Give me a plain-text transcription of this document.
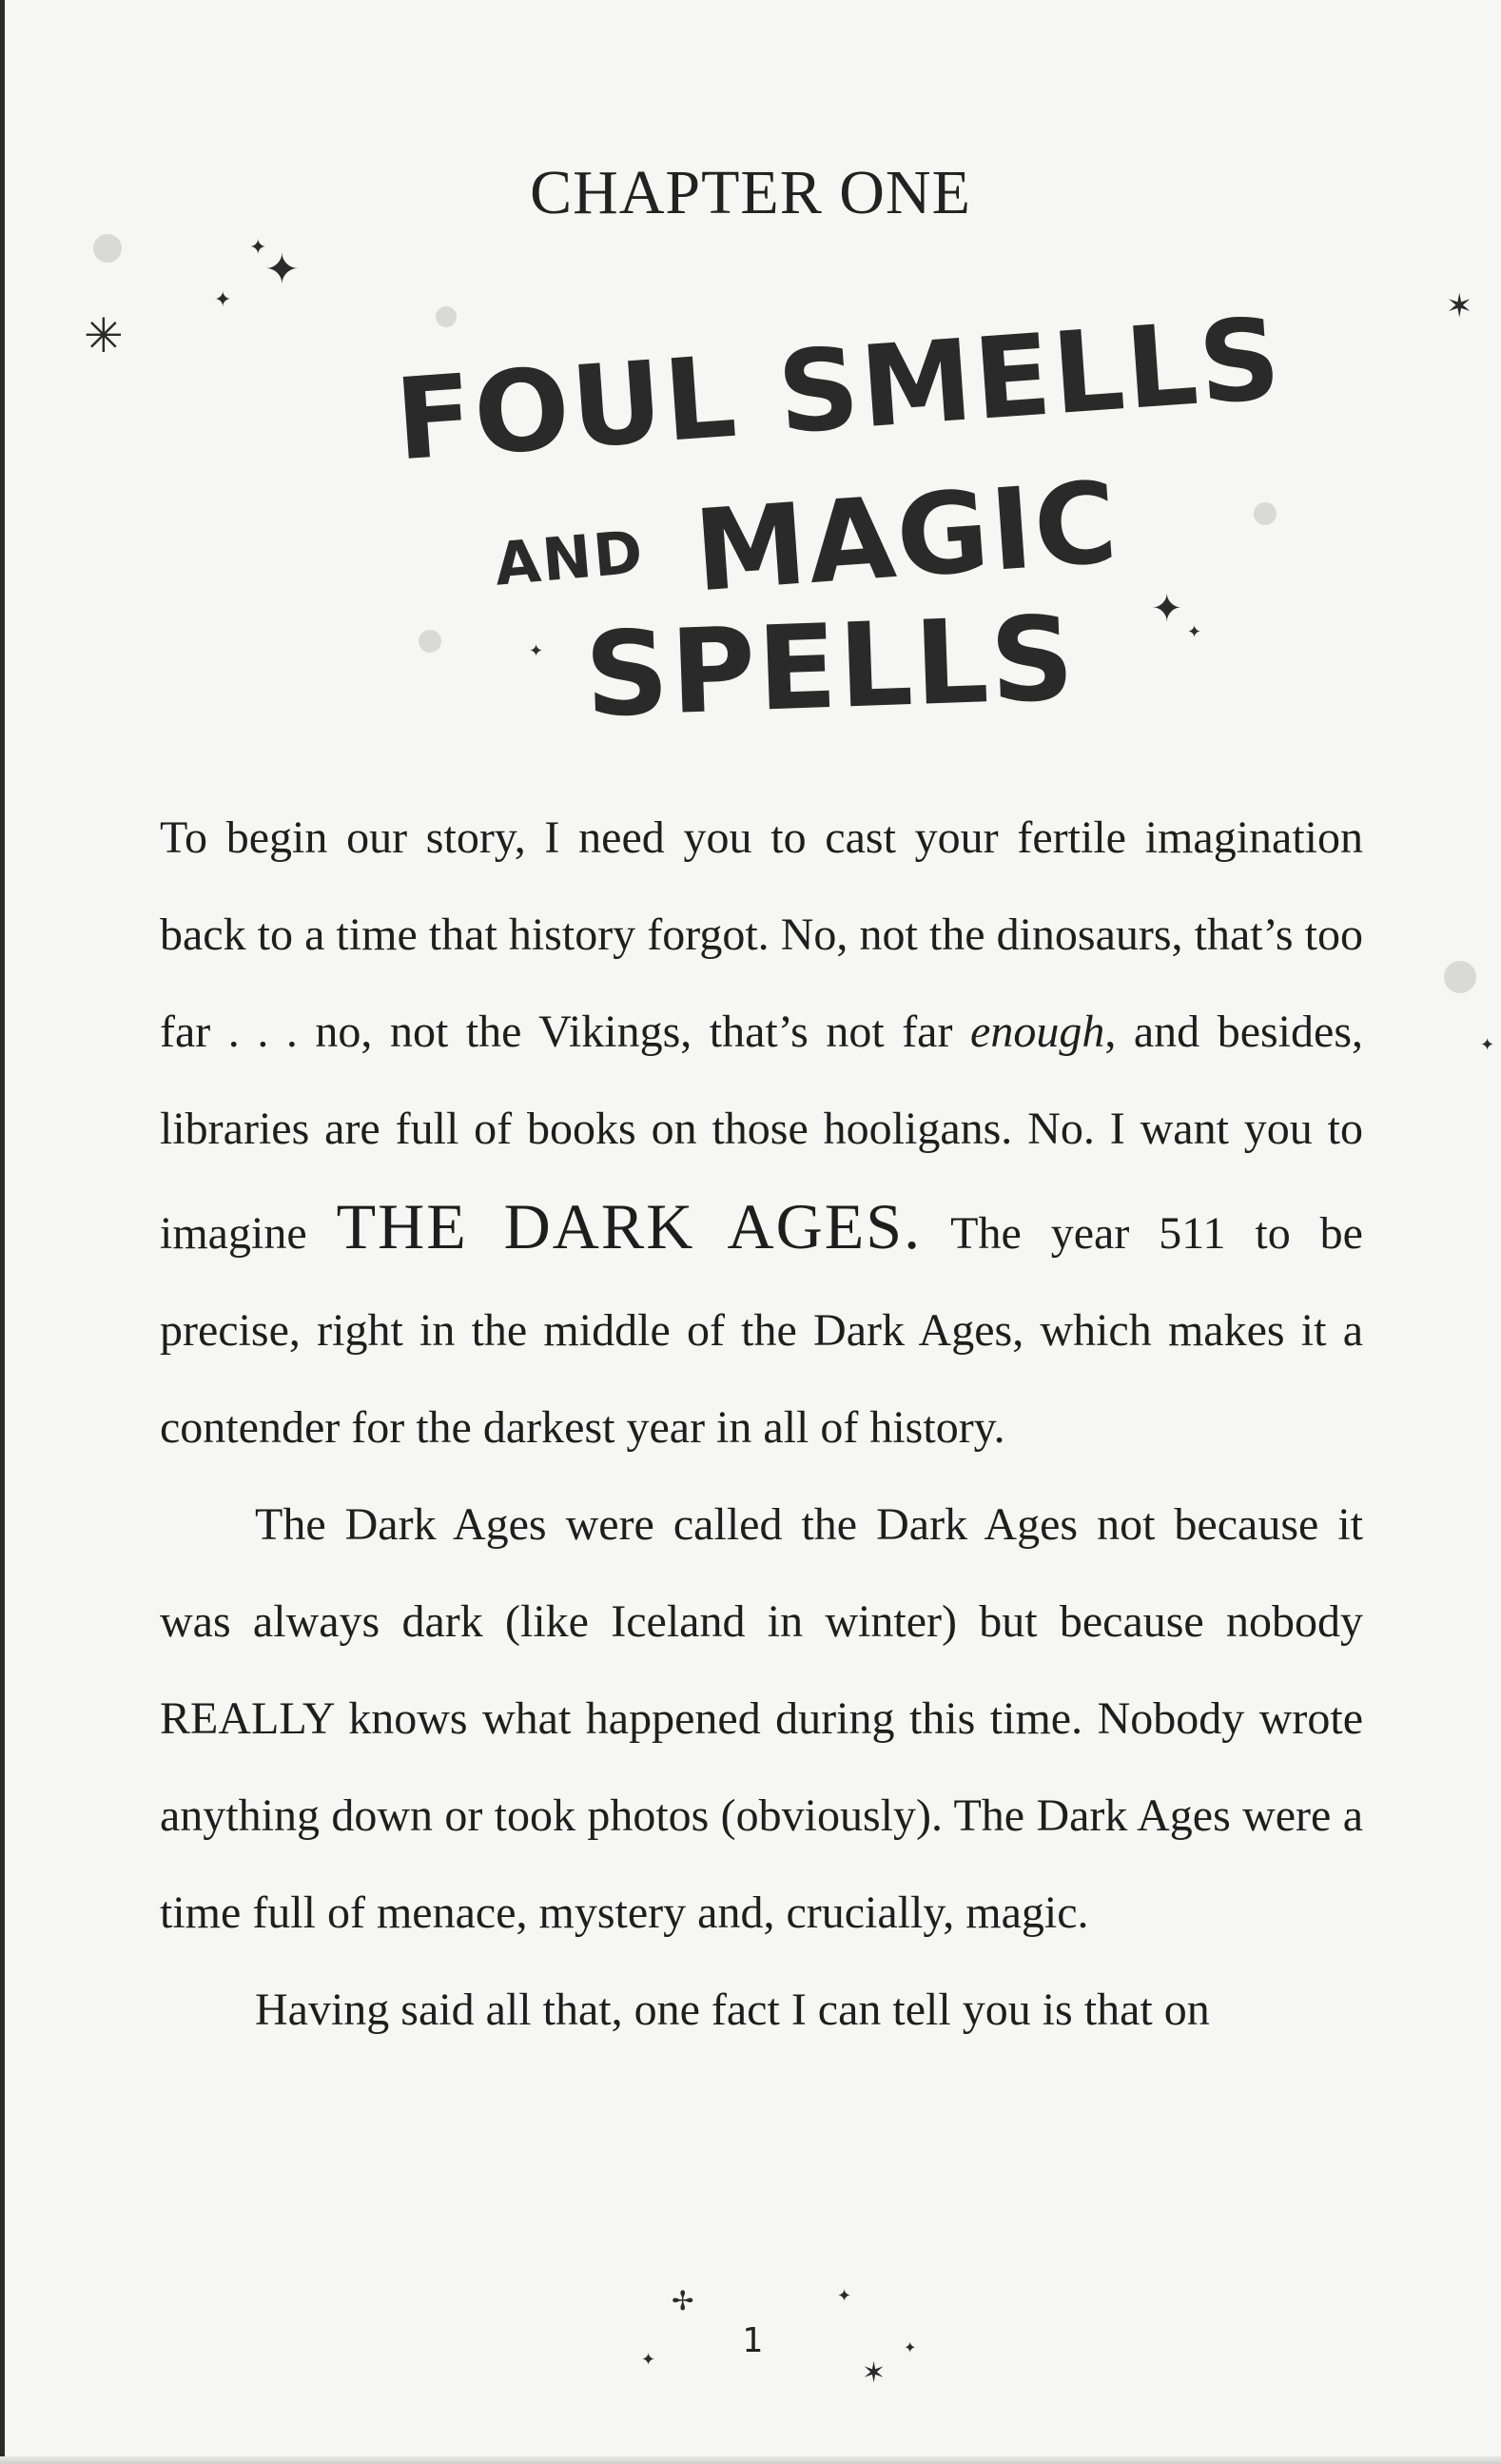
✦
✦
✦
✳
✶
✦
✦
✦
✢	✦
✦
✦
✶
✦
CHAPTER ONE
FOUL SMELLS
AND MAGIC
SPELLS

To begin our story, I need you to cast your fertile imagination back to a time that history forgot. No, not the dinosaurs, that’s too far . . . no, not the Vikings, that’s not far enough, and besides, libraries are full of books on those hooligans. No. I want you to imagine THE DARK AGES. The year 511 to be precise, right in the middle of the Dark Ages, which makes it a contender for the darkest year in all of history.

The Dark Ages were called the Dark Ages not because it was always dark (like Iceland in winter) but because nobody REALLY knows what happened during this time. Nobody wrote anything down or took photos (obviously). The Dark Ages were a time full of menace, mystery and, crucially, magic.

Having said all that, one fact I can tell you is that on

1
